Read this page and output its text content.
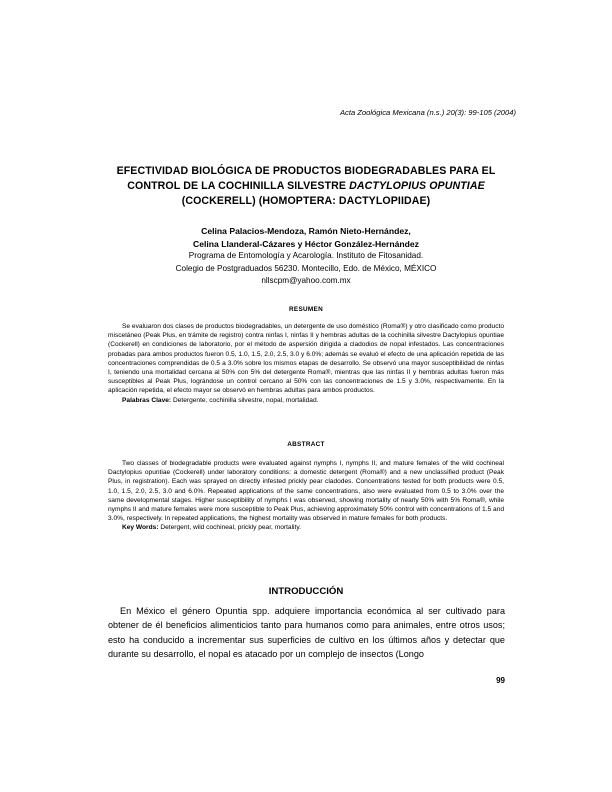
Acta Zoológica Mexicana (n.s.) 20(3): 99-105 (2004)
EFECTIVIDAD BIOLÓGICA DE PRODUCTOS BIODEGRADABLES PARA EL CONTROL DE LA COCHINILLA SILVESTRE DACTYLOPIUS OPUNTIAE (COCKERELL) (HOMOPTERA: DACTYLOPIIDAE)
Celina Palacios-Mendoza, Ramón Nieto-Hernández,
Celina Llanderal-Cázares y Héctor González-Hernández
Programa de Entomología y Acarología. Instituto de Fitosanidad.
Colegio de Postgraduados 56230. Montecillo, Edo. de México, MÉXICO
nllscpm@yahoo.com.mx
RESUMEN

Se evaluaron dos clases de productos biodegradables, un detergente de uso doméstico (Roma®) y otro clasificado como producto misceláneo (Peak Plus, en trámite de registro) contra ninfas I, ninfas II y hembras adultas de la cochinilla silvestre Dactylopius opuntiae (Cockerell) en condiciones de laboratorio, por el método de aspersión dirigida a cladodios de nopal infestados. Las concentraciones probadas para ambos productos fueron 0.5, 1.0, 1.5, 2.0, 2.5, 3.0 y 6.0%; además se evaluó el efecto de una aplicación repetida de las concentraciones comprendidas de 0.5 a 3.0% sobre los mismos etapas de desarrollo. Se observó una mayor susceptibilidad de ninfas I, teniendo una mortalidad cercana al 50% con 5% del detergente Roma®, mientras que las ninfas II y hembras adultas fueron más susceptibles al Peak Plus, lográndose un control cercano al 50% con las concentraciones de 1.5 y 3.0%, respectivamente. En la aplicación repetida, el efecto mayor se observó en hembras adultas para ambos productos.

Palabras Clave: Detergente, cochinilla silvestre, nopal, mortalidad.

ABSTRACT

Two classes of biodegradable products were evaluated against nymphs I, nymphs II, and mature females of the wild cochineal Dactylopius opuntiae (Cockerell) under laboratory conditions: a domestic detergent (Roma®) and a new unclassified product (Peak Plus, in registration). Each was sprayed on directly infested prickly pear cladodes. Concentrations tested for both products were 0.5, 1.0, 1.5, 2.0, 2.5, 3.0 and 6.0%. Repeated applications of the same concentrations, also were evaluated from 0.5 to 3.0% over the same developmental stages. Higher susceptibility of nymphs I was observed, showing mortality of nearly 50% with 5% Roma®, while nymphs II and mature females were more susceptible to Peak Plus, achieving approximately 50% control with concentrations of 1.5 and 3.0%, respectively. In repeated applications, the highest mortality was observed in mature females for both products.

Key Words: Detergent, wild cochineal, prickly pear, mortality.

INTRODUCCIÓN

En México el género Opuntia spp. adquiere importancia económica al ser cultivado para obtener de él beneficios alimenticios tanto para humanos como para animales, entre otros usos; esto ha conducido a incrementar sus superficies de cultivo en los últimos años y detectar que durante su desarrollo, el nopal es atacado por un complejo de insectos (Longo

99
